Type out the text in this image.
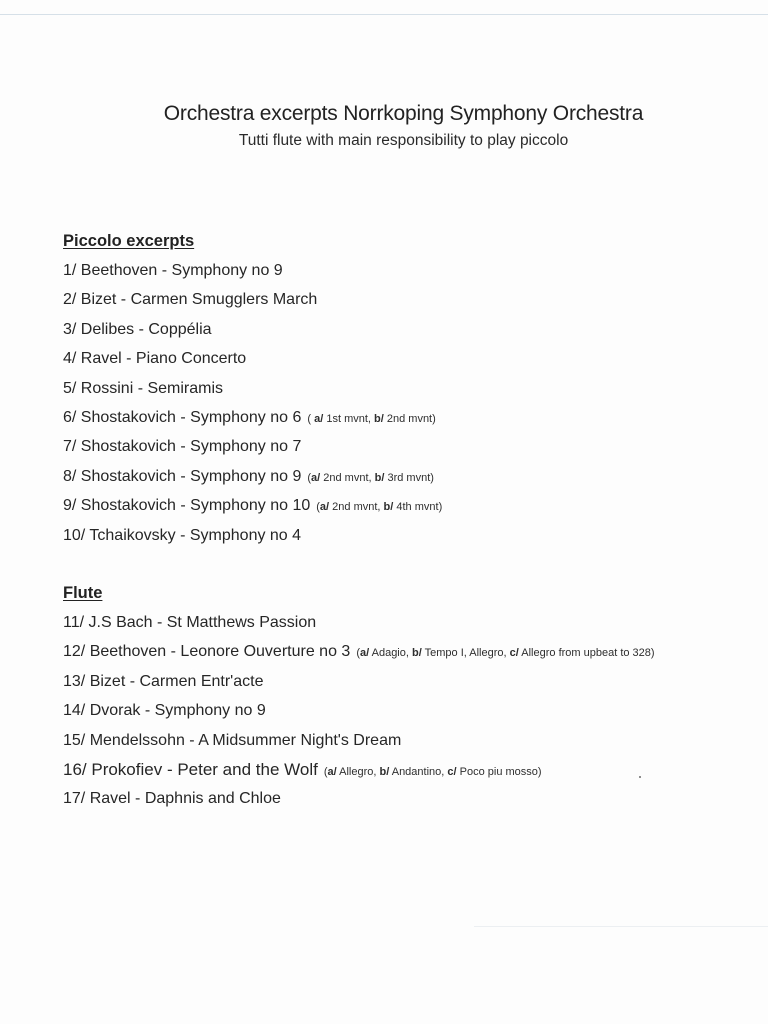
Orchestra excerpts Norrkoping Symphony Orchestra
Tutti flute with main responsibility to play piccolo
Piccolo excerpts
1/ Beethoven - Symphony no 9
2/ Bizet - Carmen Smugglers March
3/ Delibes - Coppélia
4/ Ravel - Piano Concerto
5/ Rossini - Semiramis
6/ Shostakovich - Symphony no 6 ( a/ 1st mvnt, b/ 2nd mvnt)
7/ Shostakovich - Symphony no 7
8/ Shostakovich - Symphony no 9 (a/ 2nd mvnt, b/ 3rd mvnt)
9/ Shostakovich - Symphony no 10 (a/ 2nd mvnt, b/ 4th mvnt)
10/ Tchaikovsky - Symphony no 4
Flute
11/ J.S Bach - St Matthews Passion
12/ Beethoven - Leonore Ouverture no 3 (a/ Adagio, b/ Tempo I, Allegro, c/ Allegro from upbeat to 328)
13/ Bizet - Carmen Entr'acte
14/ Dvorak - Symphony no 9
15/ Mendelssohn - A Midsummer Night's Dream
16/ Prokofiev - Peter and the Wolf (a/ Allegro, b/ Andantino, c/ Poco piu mosso)
17/ Ravel - Daphnis and Chloe
